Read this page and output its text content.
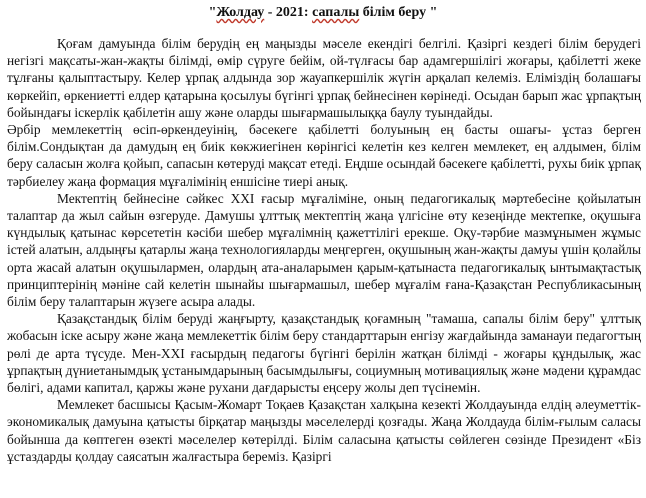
"Жолдау - 2021: сапалы білім беру "

Қоғам дамуында білім берудің ең маңызды мәселе екендігі белгілі. Қазіргі кездегі білім берудегі негізгі мақсаты-жан-жақты білімді, өмір сүруге бейім, ой-түлғасы бар адамгершілігі жоғары, қабілетті жеке тұлғаны қалыптастыру. Келер ұрпақ алдында зор жауапкершілік жүгін арқалап келеміз. Еліміздің болашағы көркейіп, өркениетті елдер қатарына қосылуы бүгінгі ұрпақ бейнесінен көрінеді. Осыдан барып жас ұрпақтың бойындағы іскерлік қабілетін ашу және оларды шығармашылыққа баулу туындайды.

Әрбір мемлекеттің өсіп-өркендеуінің, бәсекеге қабілетті болуының ең басты ошағы- ұстаз берген білім.Сондықтан да дамудың ең биік көкжиегінен көрінгісі келетін кез келген мемлекет, ең алдымен, білім беру саласын жолға қойып, сапасын көтеруді мақсат етеді. Еңдше осындай бәсекеге қабілетті, рухы биік ұрпақ тәрбиелеу жаңа формация мұғалімінің еншісіне тиері анық.

Мектептің бейнесіне сәйкес XXI ғасыр мұғаліміне, оның педагогикалық мәртебесіне қойылатын талаптар да жыл сайын өзгеруде. Дамушы ұлттық мектептің жаңа үлгісіне өту кезеңінде мектепке, оқушыға күндылық қатынас көрсететін кәсіби шебер мұғалімнің қажеттілігі ерекше. Оқу-тәрбие мазмұнымен жұмыс істей алатын, алдыңғы қатарлы жаңа технологияларды меңгерген, оқушының жан-жақты дамуы үшін қолайлы орта жасай алатын оқушылармен, олардың ата-аналарымен қарым-қатынаста педагогикалық ынтымақтастық принциптерінің мәніне сай келетін шынайы шығармашыл, шебер мұғалім ғана-Қазақстан Республикасының білім беру талаптарын жүзеге асыра алады.

Қазақстандық білім беруді жаңғырту, қазақстандық қоғамның "тамаша, сапалы білім беру" ұлттық жобасын іске асыру және жаңа мемлекеттік білім беру стандарттарын енгізу жағдайында заманауи педагогтың рөлі де арта түсуде. Мен-XXI ғасырдың педагогы бүгінгі берілін жатқан білімді - жоғары құндылық, жас ұрпақтың дүниетанымдық ұстанымдарының басымдылығы, социумның мотивациялық және мәдени құрамдас бөлігі, адами капитал, қаржы және рухани дағдарысты еңсеру жолы деп түсінемін.

Мемлекет басшысы Қасым-Жомарт Тоқаев Қазақстан халқына кезекті Жолдауында елдің әлеуметтік-экономикалық дамуына қатысты бірқатар маңызды мәселелерді қозғады. Жаңа Жолдауда білім-ғылым саласы бойынша да көптеген өзекті мәселелер көтерілді. Білім саласына қатысты сөйлеген сөзінде Президент «Біз ұстаздарды қолдау саясатын жалғастыра береміз. Қазіргі
